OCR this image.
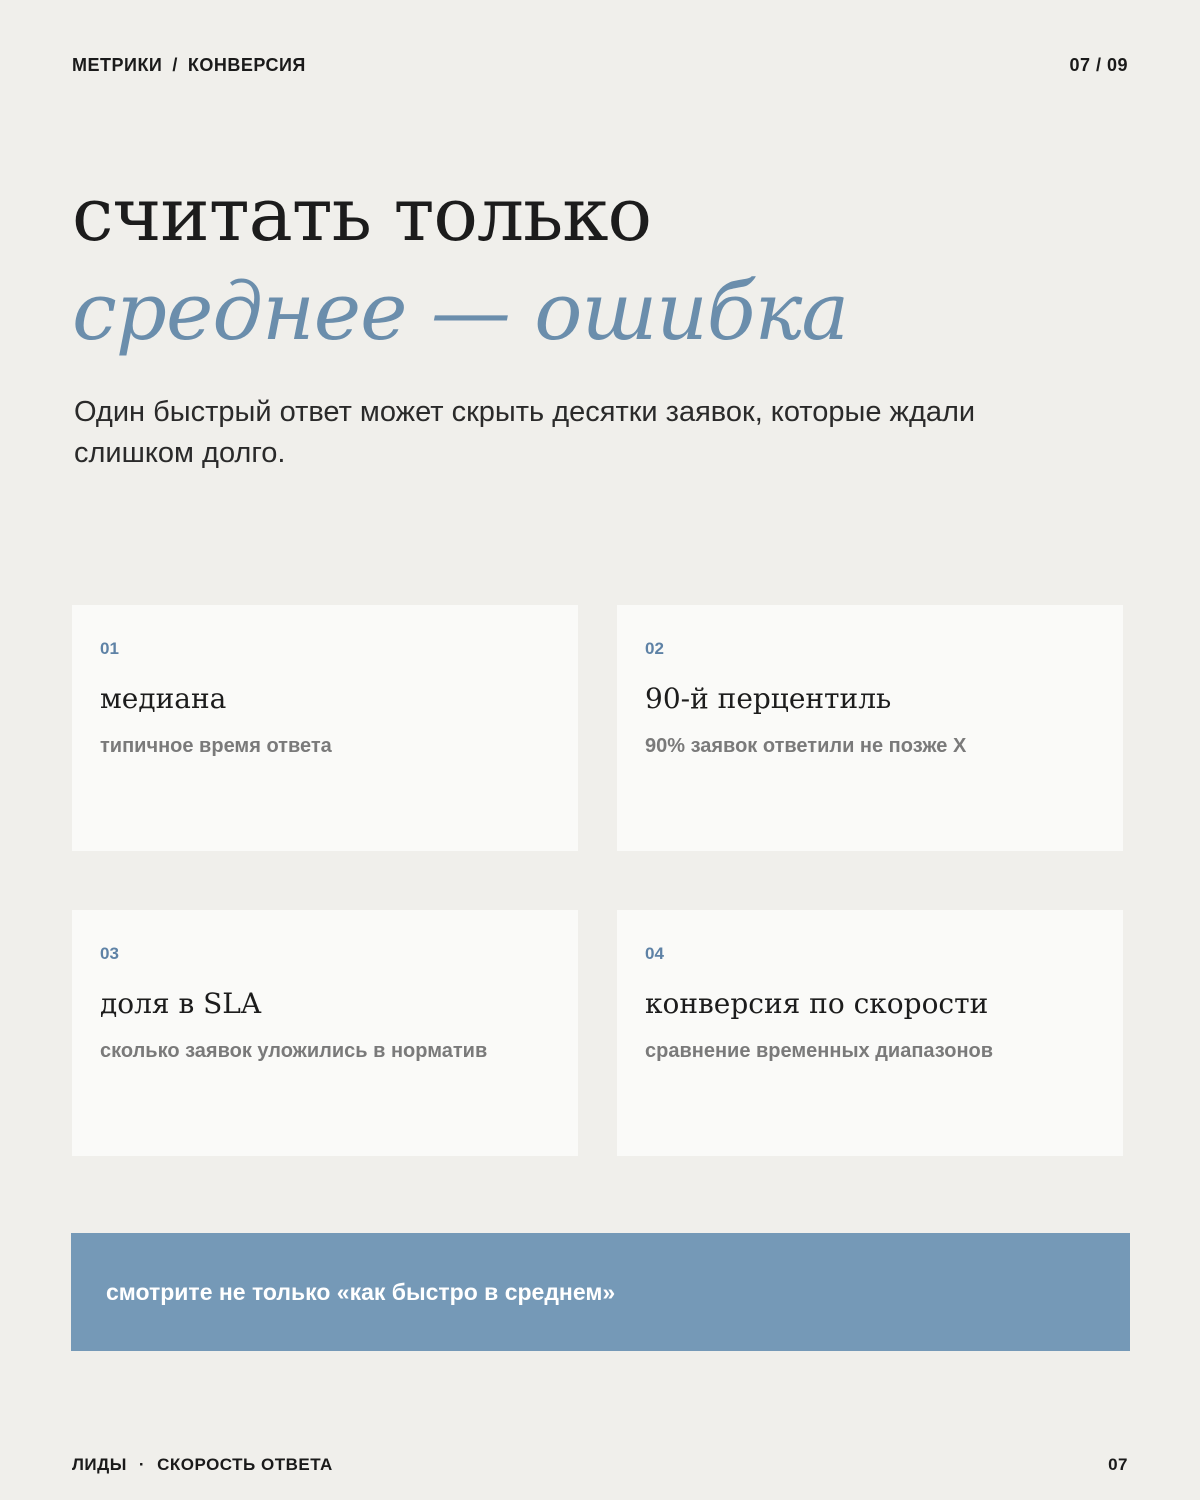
МЕТРИКИ / КОНВЕРСИЯ	07 / 09
считать только
среднее — ошибка

Один быстрый ответ может скрыть десятки заявок, которые ждали слишком долго.

01
медиана
типичное время ответа
02
90-й перцентиль
90% заявок ответили не позже X
03
доля в SLA
сколько заявок уложились в норматив
04
конверсия по скорости
сравнение временных диапазонов
смотрите не только «как быстро в среднем»
ЛИДЫ · СКОРОСТЬ ОТВЕТА	07
